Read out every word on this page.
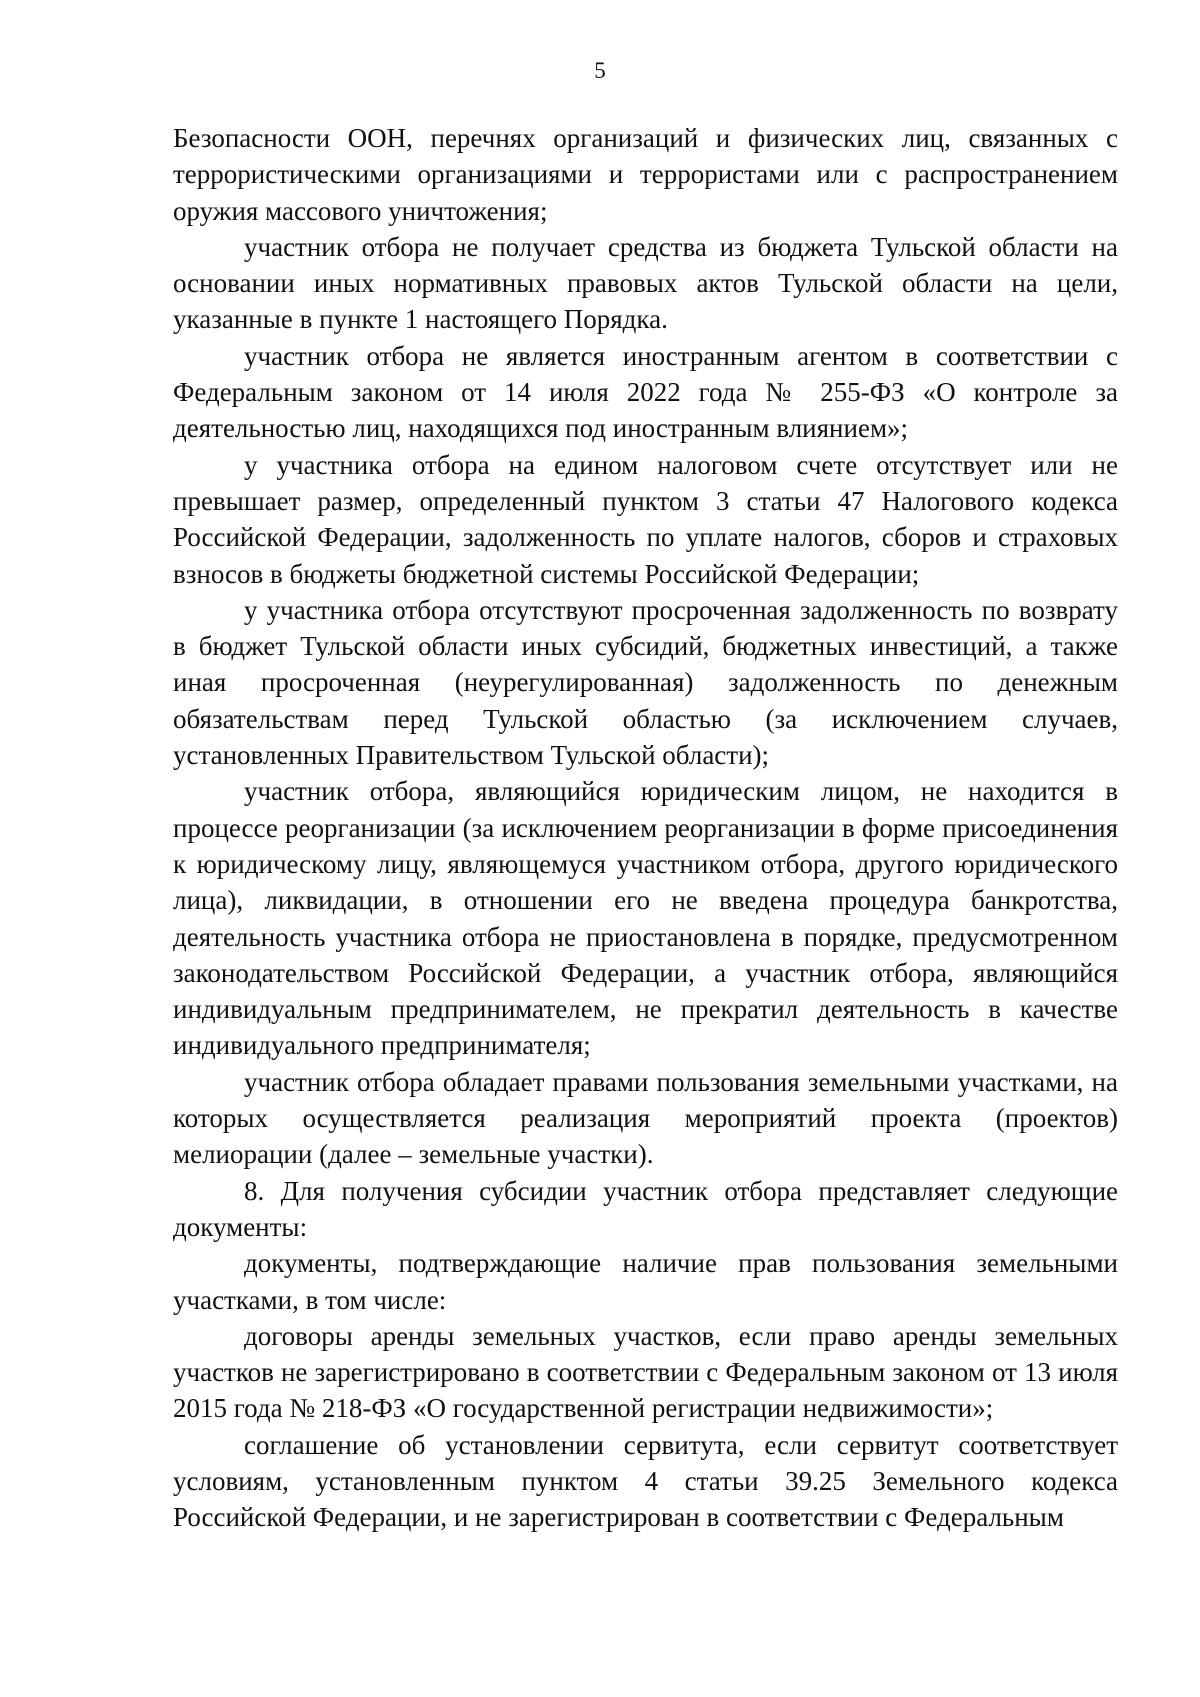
5

Безопасности ООН, перечнях организаций и физических лиц, связанных с террористическими организациями и террористами или с распространением оружия массового уничтожения;

участник отбора не получает средства из бюджета Тульской области на основании иных нормативных правовых актов Тульской области на цели, указанные в пункте 1 настоящего Порядка.

участник отбора не является иностранным агентом в соответствии с Федеральным законом от 14 июля 2022 года № 255-ФЗ «О контроле за деятельностью лиц, находящихся под иностранным влиянием»;

у участника отбора на едином налоговом счете отсутствует или не превышает размер, определенный пунктом 3 статьи 47 Налогового кодекса Российской Федерации, задолженность по уплате налогов, сборов и страховых взносов в бюджеты бюджетной системы Российской Федерации;

у участника отбора отсутствуют просроченная задолженность по возврату в бюджет Тульской области иных субсидий, бюджетных инвестиций, а также иная просроченная (неурегулированная) задолженность по денежным обязательствам перед Тульской областью (за исключением случаев, установленных Правительством Тульской области);

участник отбора, являющийся юридическим лицом, не находится в процессе реорганизации (за исключением реорганизации в форме присоединения к юридическому лицу, являющемуся участником отбора, другого юридического лица), ликвидации, в отношении его не введена процедура банкротства, деятельность участника отбора не приостановлена в порядке, предусмотренном законодательством Российской Федерации, а участник отбора, являющийся индивидуальным предпринимателем, не прекратил деятельность в качестве индивидуального предпринимателя;

участник отбора обладает правами пользования земельными участками, на которых осуществляется реализация мероприятий проекта (проектов) мелиорации (далее – земельные участки).

8. Для получения субсидии участник отбора представляет следующие документы:

документы, подтверждающие наличие прав пользования земельными участками, в том числе:

договоры аренды земельных участков, если право аренды земельных участков не зарегистрировано в соответствии с Федеральным законом от 13 июля 2015 года № 218-ФЗ «О государственной регистрации недвижимости»;

соглашение об установлении сервитута, если сервитут соответствует условиям, установленным пунктом 4 статьи 39.25 Земельного кодекса Российской Федерации, и не зарегистрирован в соответствии с Федеральным
